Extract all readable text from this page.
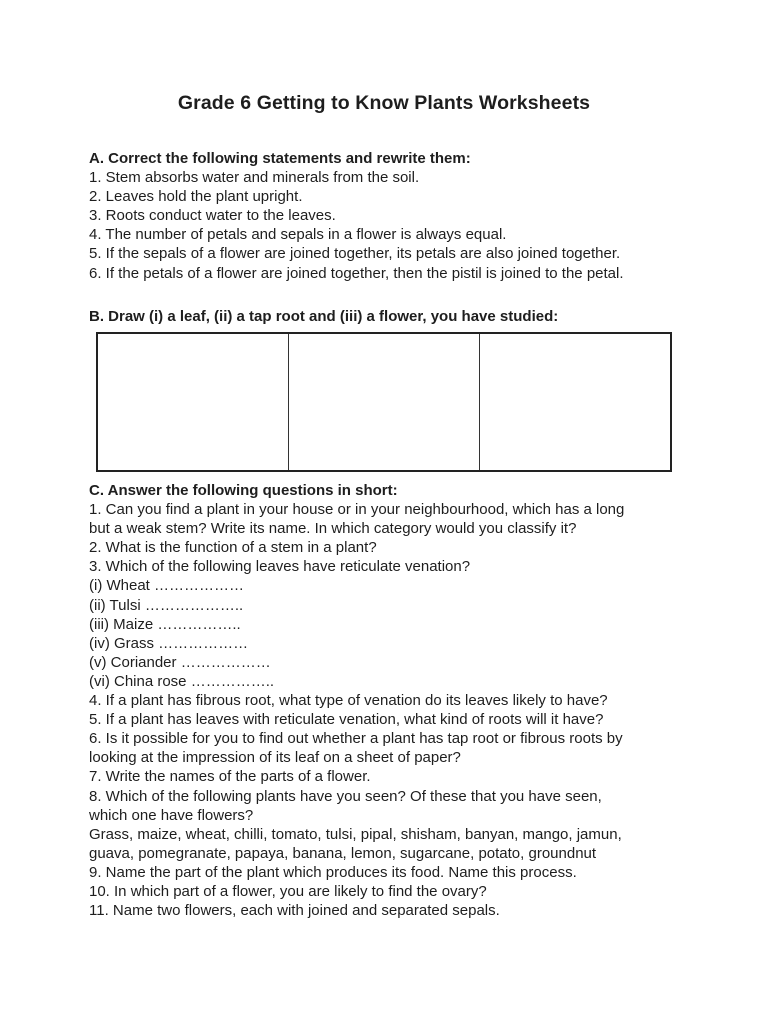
Grade 6 Getting to Know Plants Worksheets
A. Correct the following statements and rewrite them:
1. Stem absorbs water and minerals from the soil.
2. Leaves hold the plant upright.
3. Roots conduct water to the leaves.
4. The number of petals and sepals in a flower is always equal.
5. If the sepals of a flower are joined together, its petals are also joined together.
6. If the petals of a flower are joined together, then the pistil is joined to the petal.
B. Draw (i) a leaf, (ii) a tap root and (iii) a flower, you have studied:
C. Answer the following questions in short:
1. Can you find a plant in your house or in your neighbourhood, which has a long
but a weak stem? Write its name. In which category would you classify it?
2. What is the function of a stem in a plant?
3. Which of the following leaves have reticulate venation?
(i) Wheat ………………
(ii) Tulsi ………………..
(iii) Maize ……………..
(iv) Grass ………………
(v) Coriander ………………
(vi) China rose ……………..
4. If a plant has fibrous root, what type of venation do its leaves likely to have?
5. If a plant has leaves with reticulate venation, what kind of roots will it have?
6. Is it possible for you to find out whether a plant has tap root or fibrous roots by
looking at the impression of its leaf on a sheet of paper?
7. Write the names of the parts of a flower.
8. Which of the following plants have you seen? Of these that you have seen,
which one have flowers?
Grass, maize, wheat, chilli, tomato, tulsi, pipal, shisham, banyan, mango, jamun,
guava, pomegranate, papaya, banana, lemon, sugarcane, potato, groundnut
9. Name the part of the plant which produces its food. Name this process.
10. In which part of a flower, you are likely to find the ovary?
11. Name two flowers, each with joined and separated sepals.
